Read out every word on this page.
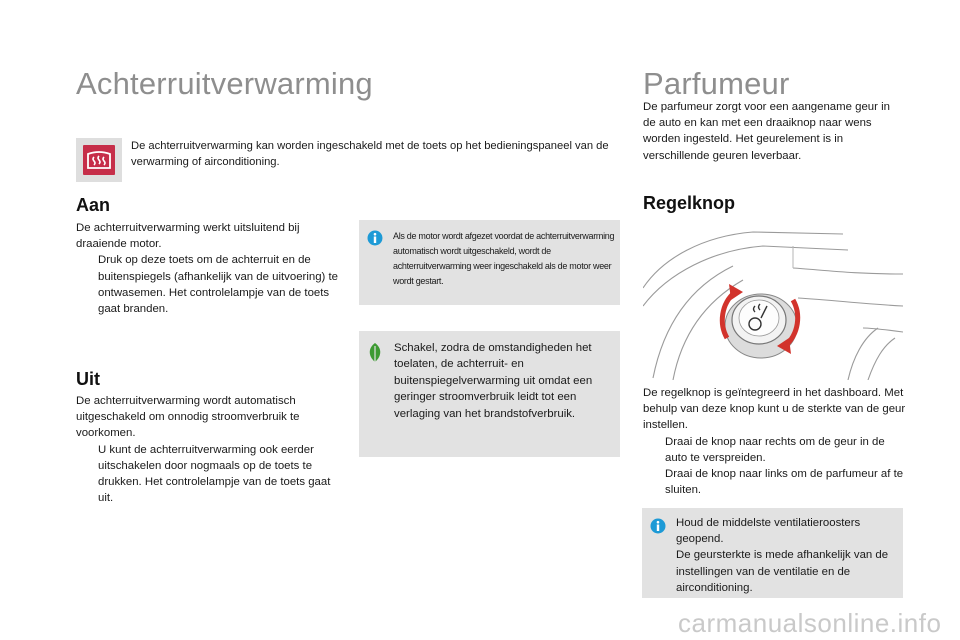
Achterruitverwarming
De achterruitverwarming kan worden ingeschakeld met de toets op het bedieningspaneel van de verwarming of airconditioning.
Aan
De achterruitverwarming werkt uitsluitend bij draaiende motor.
Druk op deze toets om de achterruit en de buitenspiegels (afhankelijk van de uitvoering) te ontwasemen. Het controlelampje van de toets gaat branden.
Als de motor wordt afgezet voordat de achterruitverwarming automatisch wordt uitgeschakeld, wordt de achterruitverwarming weer ingeschakeld als de motor weer wordt gestart.
Schakel, zodra de omstandigheden het toelaten, de achterruit- en buitenspiegelverwarming uit omdat een geringer stroomverbruik leidt tot een verlaging van het brandstofverbruik.
Uit
De achterruitverwarming wordt automatisch uitgeschakeld om onnodig stroomverbruik te voorkomen.
U kunt de achterruitverwarming ook eerder uitschakelen door nogmaals op de toets te drukken. Het controlelampje van de toets gaat uit.
Parfumeur
De parfumeur zorgt voor een aangename geur in de auto en kan met een draaiknop naar wens worden ingesteld. Het geurelement is in verschillende geuren leverbaar.
Regelknop
De regelknop is geïntegreerd in het dashboard. Met behulp van deze knop kunt u de sterkte van de geur instellen.
Draai de knop naar rechts om de geur in de auto te verspreiden.
Draai de knop naar links om de parfumeur af te sluiten.
Houd de middelste ventilatieroosters geopend.
De geursterkte is mede afhankelijk van de instellingen van de ventilatie en de airconditioning.
carmanualsonline.info
